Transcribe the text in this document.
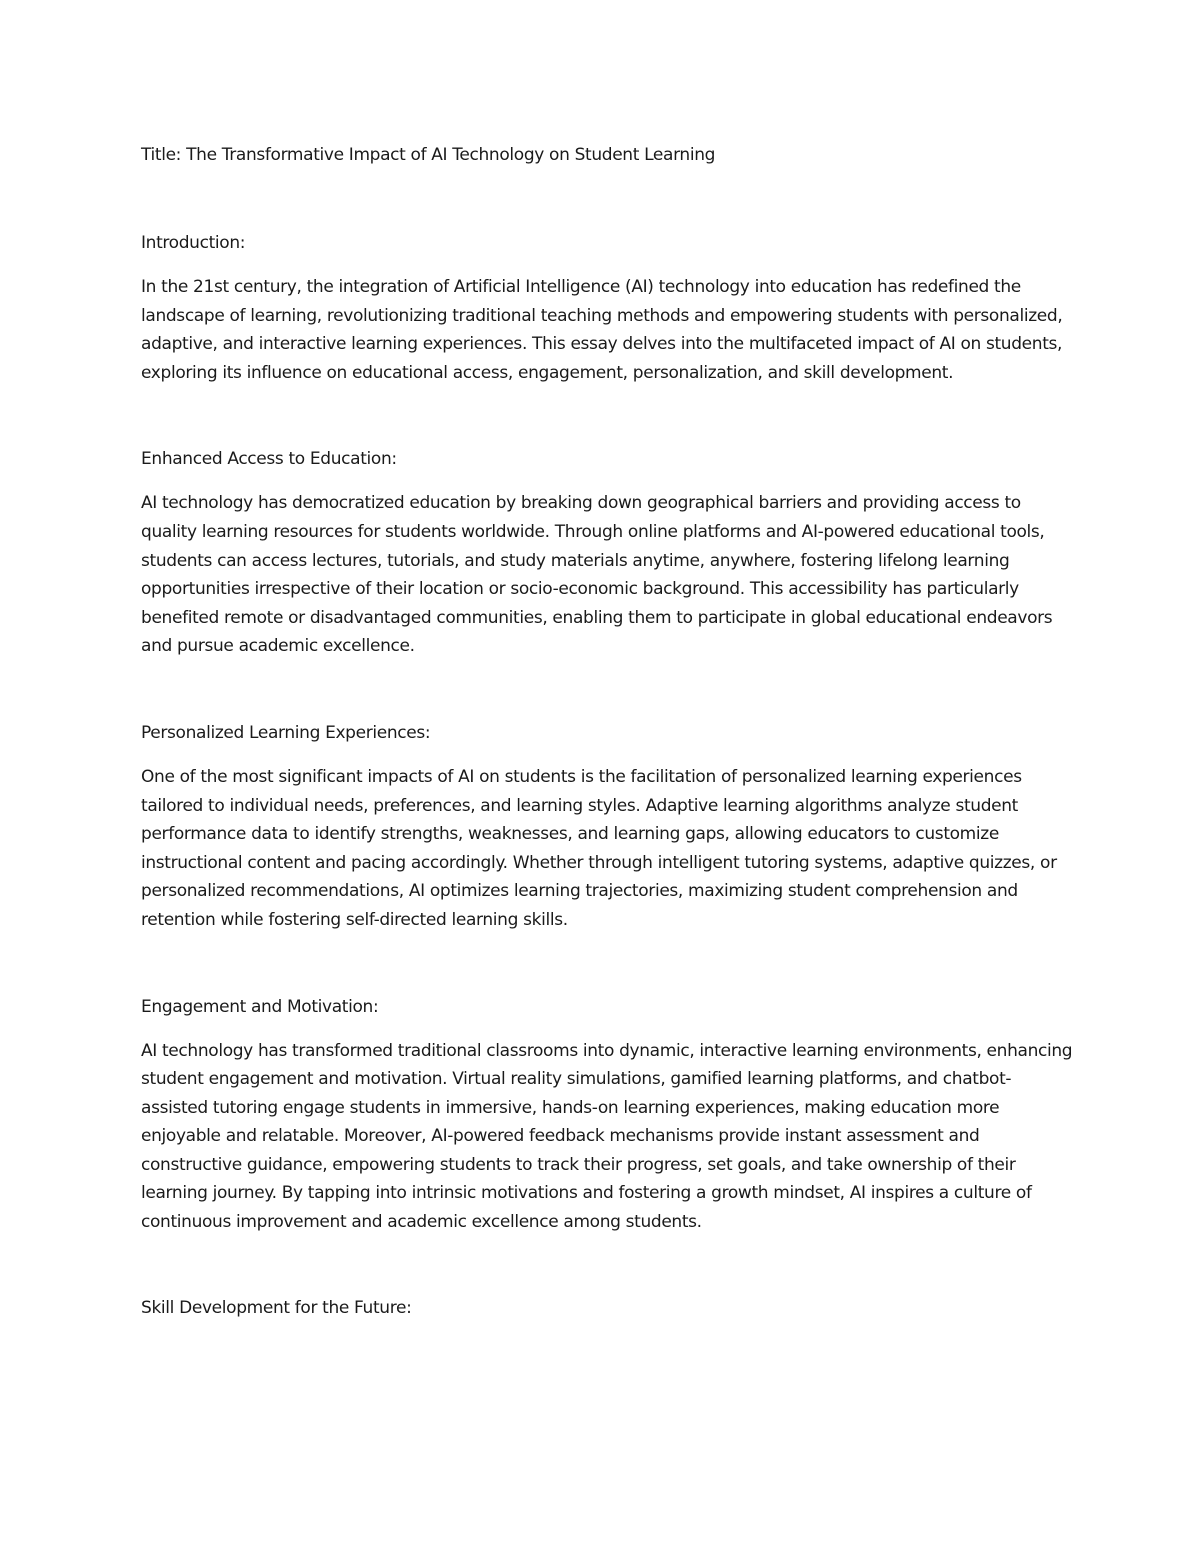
Title: The Transformative Impact of AI Technology on Student Learning

Introduction:

In the 21st century, the integration of Artificial Intelligence (AI) technology into education has redefined the landscape of learning, revolutionizing traditional teaching methods and empowering students with personalized, adaptive, and interactive learning experiences. This essay delves into the multifaceted impact of AI on students, exploring its influence on educational access, engagement, personalization, and skill development.

Enhanced Access to Education:

AI technology has democratized education by breaking down geographical barriers and providing access to quality learning resources for students worldwide. Through online platforms and AI-powered educational tools, students can access lectures, tutorials, and study materials anytime, anywhere, fostering lifelong learning opportunities irrespective of their location or socio-economic background. This accessibility has particularly benefited remote or disadvantaged communities, enabling them to participate in global educational endeavors and pursue academic excellence.

Personalized Learning Experiences:

One of the most significant impacts of AI on students is the facilitation of personalized learning experiences tailored to individual needs, preferences, and learning styles. Adaptive learning algorithms analyze student performance data to identify strengths, weaknesses, and learning gaps, allowing educators to customize instructional content and pacing accordingly. Whether through intelligent tutoring systems, adaptive quizzes, or personalized recommendations, AI optimizes learning trajectories, maximizing student comprehension and retention while fostering self-directed learning skills.

Engagement and Motivation:

AI technology has transformed traditional classrooms into dynamic, interactive learning environments, enhancing student engagement and motivation. Virtual reality simulations, gamified learning platforms, and chatbot-assisted tutoring engage students in immersive, hands-on learning experiences, making education more enjoyable and relatable. Moreover, AI-powered feedback mechanisms provide instant assessment and constructive guidance, empowering students to track their progress, set goals, and take ownership of their learning journey. By tapping into intrinsic motivations and fostering a growth mindset, AI inspires a culture of continuous improvement and academic excellence among students.

Skill Development for the Future:
